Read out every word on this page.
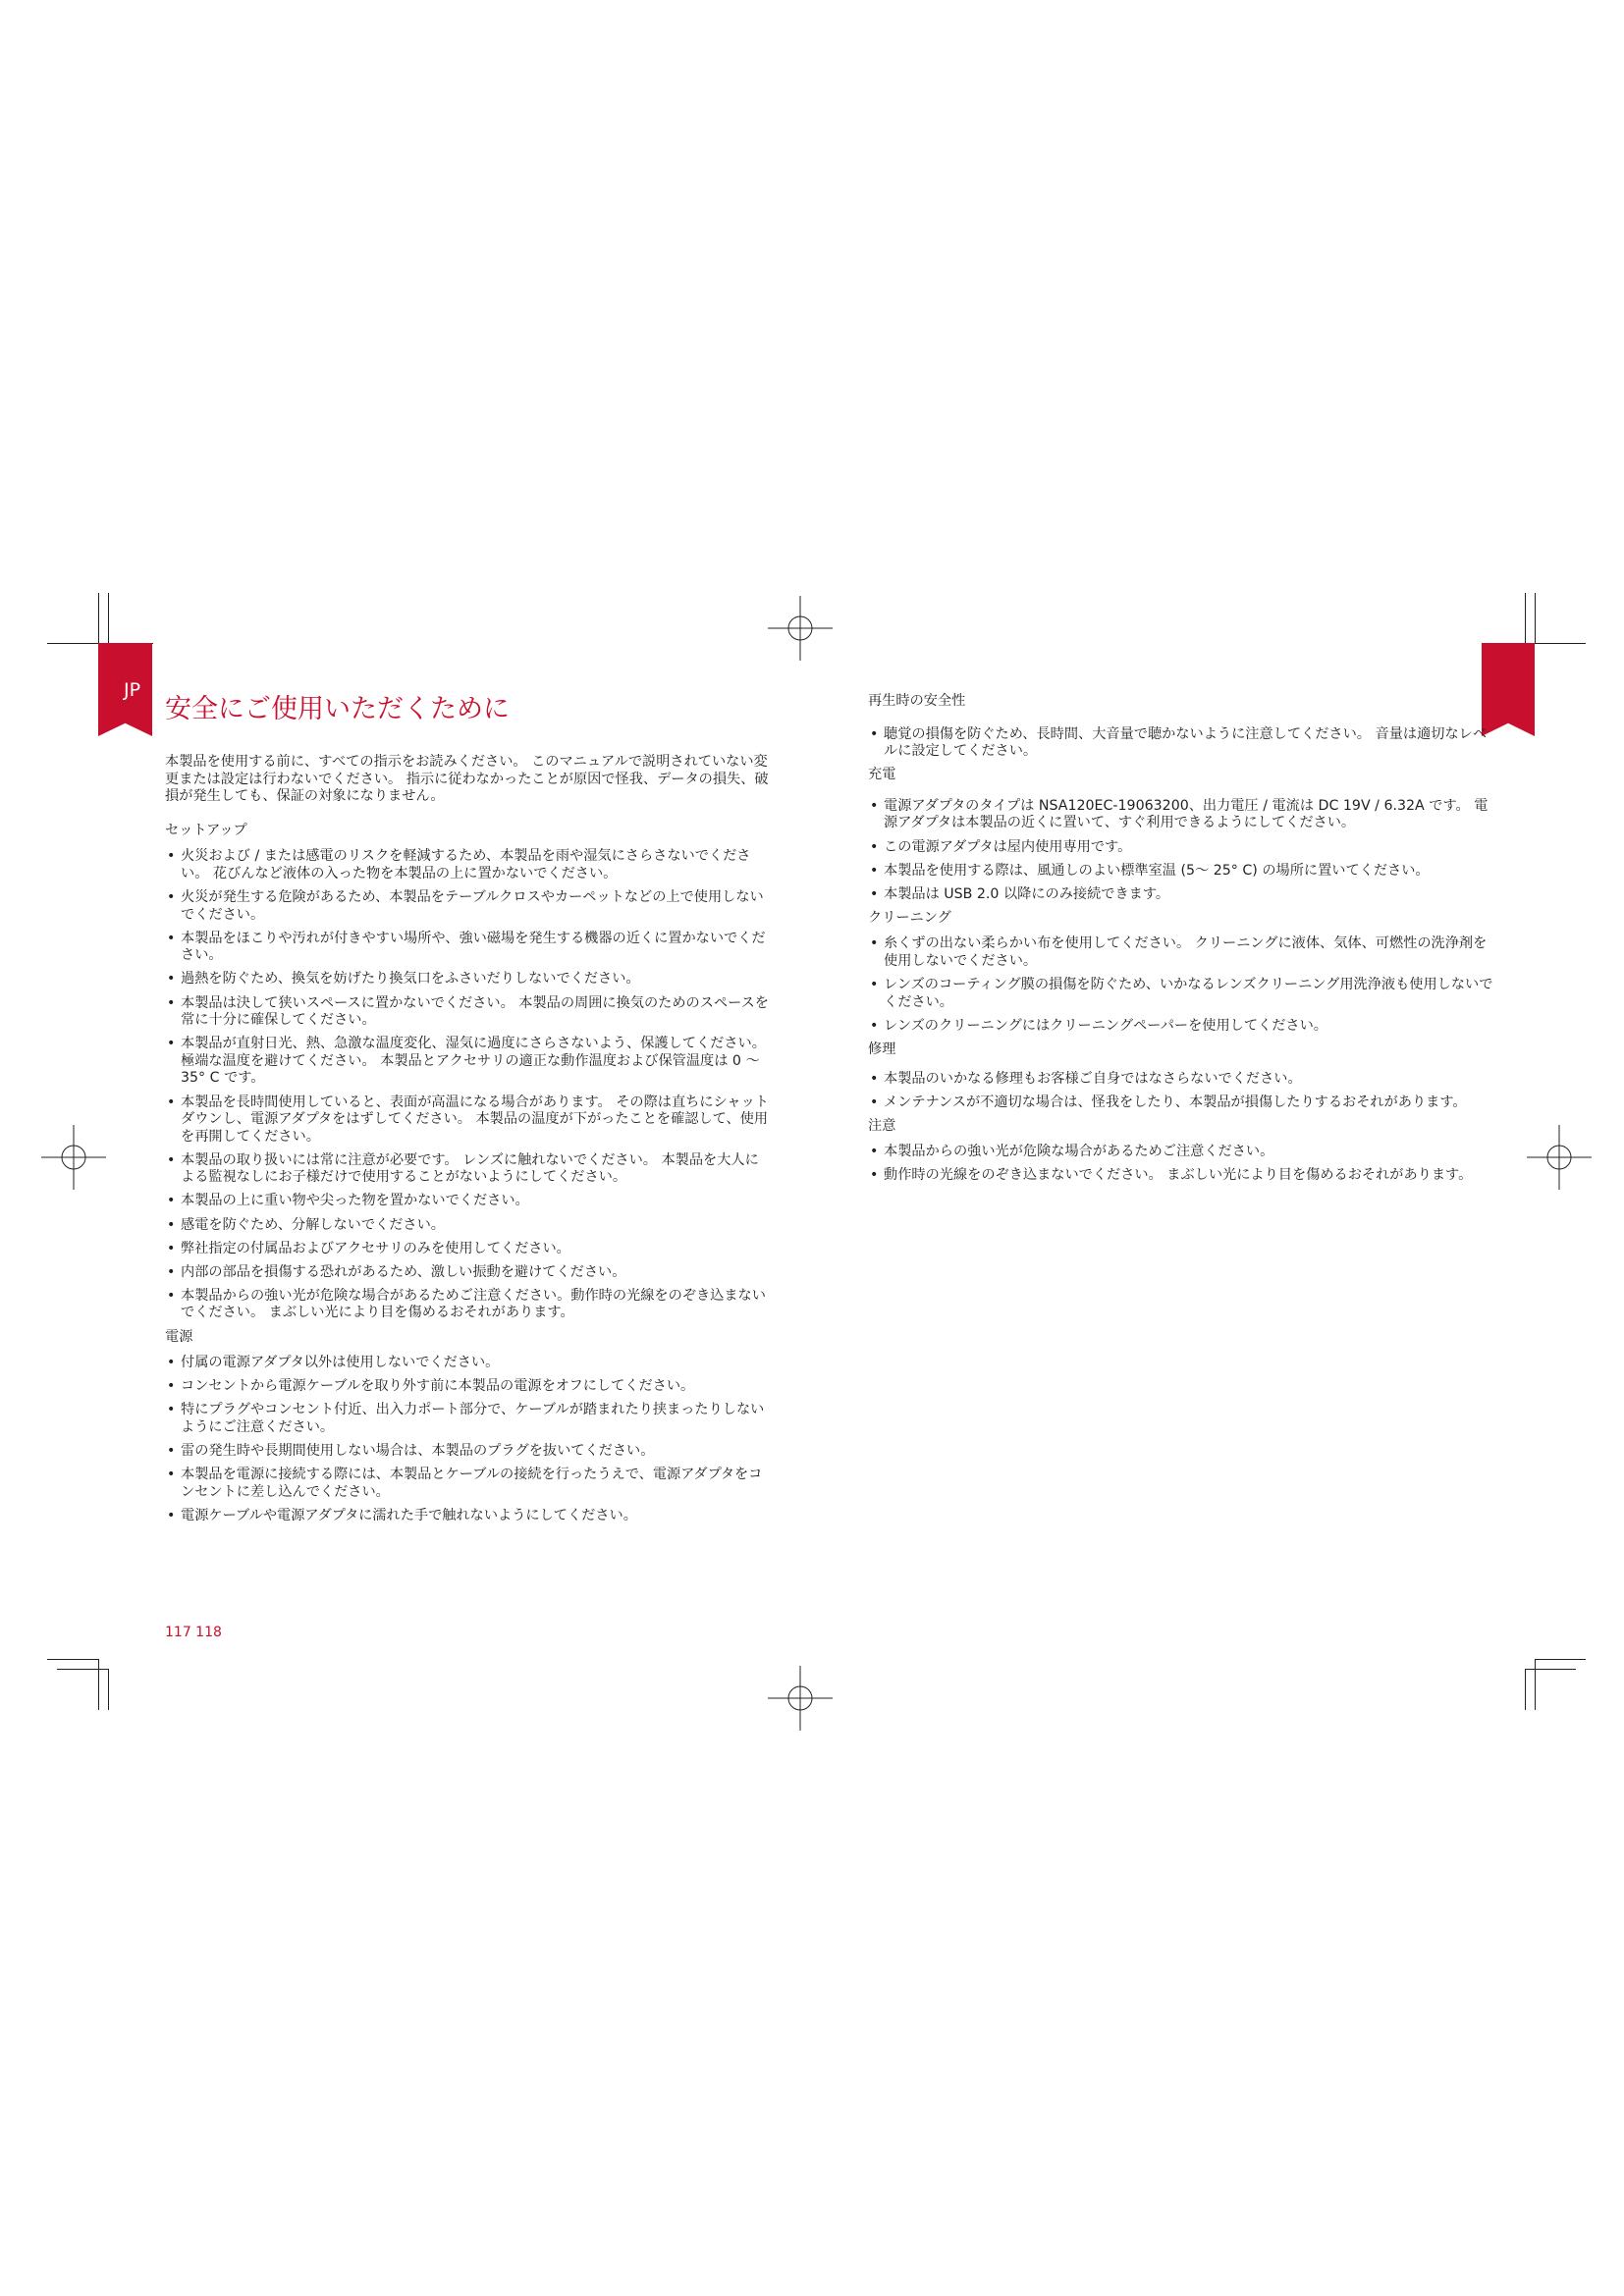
JP
安全にご使用いただくために

本製品を使用する前に、すべての指示をお読みください。 このマニュアルで説明されていない変更または設定は行わないでください。 指示に従わなかったことが原因で怪我、データの損失、破損が発生しても、保証の対象になりません。

セットアップ
• 火災および / または感電のリスクを軽減するため、本製品を雨や湿気にさらさないでください。 花びんなど液体の入った物を本製品の上に置かないでください。
• 火災が発生する危険があるため、本製品をテーブルクロスやカーペットなどの上で使用しないでください。
• 本製品をほこりや汚れが付きやすい場所や、強い磁場を発生する機器の近くに置かないでください。
• 過熱を防ぐため、換気を妨げたり換気口をふさいだりしないでください。
• 本製品は決して狭いスペースに置かないでください。 本製品の周囲に換気のためのスペースを常に十分に確保してください。
• 本製品が直射日光、熱、急激な温度変化、湿気に過度にさらさないよう、保護してください。 極端な温度を避けてください。 本製品とアクセサリの適正な動作温度および保管温度は 0 〜 35° C です。
• 本製品を長時間使用していると、表面が高温になる場合があります。 その際は直ちにシャットダウンし、電源アダプタをはずしてください。 本製品の温度が下がったことを確認して、使用を再開してください。
• 本製品の取り扱いには常に注意が必要です。 レンズに触れないでください。 本製品を大人による監視なしにお子様だけで使用することがないようにしてください。
• 本製品の上に重い物や尖った物を置かないでください。
• 感電を防ぐため、分解しないでください。
• 弊社指定の付属品およびアクセサリのみを使用してください。
• 内部の部品を損傷する恐れがあるため、激しい振動を避けてください。
• 本製品からの強い光が危険な場合があるためご注意ください。動作時の光線をのぞき込まないでください。 まぶしい光により目を傷めるおそれがあります。
電源
• 付属の電源アダプタ以外は使用しないでください。
• コンセントから電源ケーブルを取り外す前に本製品の電源をオフにしてください。
• 特にプラグやコンセント付近、出入力ポート部分で、ケーブルが踏まれたり挟まったりしないようにご注意ください。
• 雷の発生時や長期間使用しない場合は、本製品のプラグを抜いてください。
• 本製品を電源に接続する際には、本製品とケーブルの接続を行ったうえで、電源アダプタをコンセントに差し込んでください。
• 電源ケーブルや電源アダプタに濡れた手で触れないようにしてください。
再生時の安全性
• 聴覚の損傷を防ぐため、長時間、大音量で聴かないように注意してください。 音量は適切なレベルに設定してください。
充電
• 電源アダプタのタイプは NSA120EC-19063200、出力電圧 / 電流は DC 19V / 6.32A です。 電源アダプタは本製品の近くに置いて、すぐ利用できるようにしてください。
• この電源アダプタは屋内使用専用です。
• 本製品を使用する際は、風通しのよい標準室温 (5〜 25° C) の場所に置いてください。
• 本製品は USB 2.0 以降にのみ接続できます。
クリーニング
• 糸くずの出ない柔らかい布を使用してください。 クリーニングに液体、気体、可燃性の洗浄剤を使用しないでください。
• レンズのコーティング膜の損傷を防ぐため、いかなるレンズクリーニング用洗浄液も使用しないでください。
• レンズのクリーニングにはクリーニングペーパーを使用してください。
修理
• 本製品のいかなる修理もお客様ご自身ではなさらないでください。
• メンテナンスが不適切な場合は、怪我をしたり、本製品が損傷したりするおそれがあります。
注意
• 本製品からの強い光が危険な場合があるためご注意ください。
• 動作時の光線をのぞき込まないでください。 まぶしい光により目を傷めるおそれがあります。
117 118
